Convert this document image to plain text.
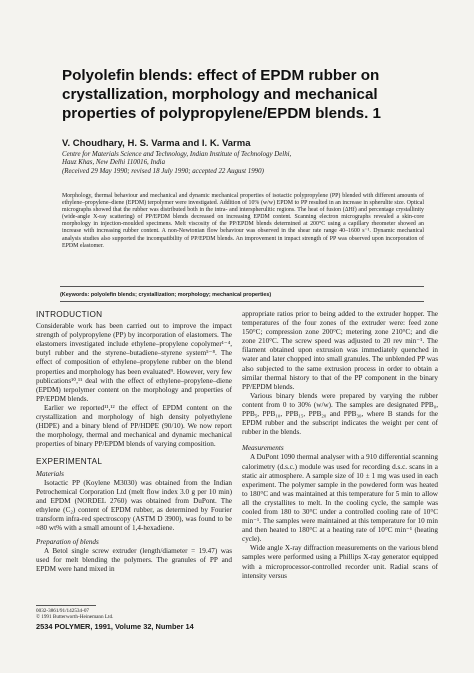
Polyolefin blends: effect of EPDM rubber on crystallization, morphology and mechanical properties of polypropylene/EPDM blends. 1
V. Choudhary, H. S. Varma and I. K. Varma
Centre for Materials Science and Technology, Indian Institute of Technology Delhi,
Hauz Khas, New Delhi 110016, India
(Received 29 May 1990; revised 18 July 1990; accepted 22 August 1990)
Morphology, thermal behaviour and mechanical and dynamic mechanical properties of isotactic polypropylene (PP) blended with different amounts of ethylene–propylene–diene (EPDM) terpolymer were investigated. Addition of 10% (w/w) EPDM to PP resulted in an increase in spherulite size. Optical micrographs showed that the rubber was distributed both in the intra- and interspherulitic regions. The heat of fusion (ΔHf) and percentage crystallinity (wide-angle X-ray scattering) of PP/EPDM blends decreased on increasing EPDM content. Scanning electron micrographs revealed a skin-core morphology in injection-moulded specimens. Melt viscosity of the PP/EPDM blends determined at 200°C using a capillary rheometer showed an increase with increasing rubber content. A non-Newtonian flow behaviour was observed in the shear rate range 40–1600 s⁻¹. Dynamic mechanical analysis studies also supported the incompatibility of PP/EPDM blends. An improvement in impact strength of PP was observed upon incorporation of EPDM elastomer.
(Keywords: polyolefin blends; crystallization; morphology; mechanical properties)
INTRODUCTION

Considerable work has been carried out to improve the impact strength of polypropylene (PP) by incorporation of elastomers. The elastomers investigated include ethylene–propylene copolymer¹⁻⁴, butyl rubber and the styrene–butadiene–styrene system⁵⁻⁸. The effect of composition of ethylene–propylene rubber on the blend properties and morphology has been evaluated⁹. However, very few publications¹⁰,¹¹ deal with the effect of ethylene–propylene–diene (EPDM) terpolymer content on the morphology and properties of PP/EPDM blends.

Earlier we reported¹¹,¹² the effect of EPDM content on the crystallization and morphology of high density polyethylene (HDPE) and a binary blend of PP/HDPE (90/10). We now report the morphology, thermal and mechanical and dynamic mechanical properties of binary PP/EPDM blends of varying composition.

EXPERIMENTAL
Materials

Isotactic PP (Koylene M3030) was obtained from the Indian Petrochemical Corporation Ltd (melt flow index 3.0 g per 10 min) and EPDM (NORDEL 2760) was obtained from DuPont. The ethylene (C₂) content of EPDM rubber, as determined by Fourier transform infra-red spectroscopy (ASTM D 3900), was found to be ≈80 wt% with a small amount of 1,4-hexadiene.

Preparation of blends

A Betol single screw extruder (length/diameter = 19.47) was used for melt blending the polymers. The granules of PP and EPDM were hand mixed in

0032-3861/91/142534-07
© 1991 Butterworth-Heinemann Ltd.
2534 POLYMER, 1991, Volume 32, Number 14

appropriate ratios prior to being added to the extruder hopper. The temperatures of the four zones of the extruder were: feed zone 150°C; compression zone 200°C; metering zone 210°C; and die zone 210°C. The screw speed was adjusted to 20 rev min⁻¹. The filament obtained upon extrusion was immediately quenched in water and later chopped into small granules. The unblended PP was also subjected to the same extrusion process in order to obtain a similar thermal history to that of the PP component in the binary PP/EPDM blends.

Various binary blends were prepared by varying the rubber content from 0 to 30% (w/w). The samples are designated PPB₀, PPB₅, PPB₁₀, PPB₁₅, PPB₂₀ and PPB₃₀, where B stands for the EPDM rubber and the subscript indicates the weight per cent of rubber in the blends.

Measurements

A DuPont 1090 thermal analyser with a 910 differential scanning calorimetry (d.s.c.) module was used for recording d.s.c. scans in a static air atmosphere. A sample size of 10 ± 1 mg was used in each experiment. The polymer sample in the powdered form was heated to 180°C and was maintained at this temperature for 5 min to allow all the crystallites to melt. In the cooling cycle, the sample was cooled from 180 to 30°C under a controlled cooling rate of 10°C min⁻¹. The samples were maintained at this temperature for 10 min and then heated to 180°C at a heating rate of 10°C min⁻¹ (heating cycle).

Wide angle X-ray diffraction measurements on the various blend samples were performed using a Phillips X-ray generator equipped with a microprocessor-controlled recorder unit. Radial scans of intensity versus
